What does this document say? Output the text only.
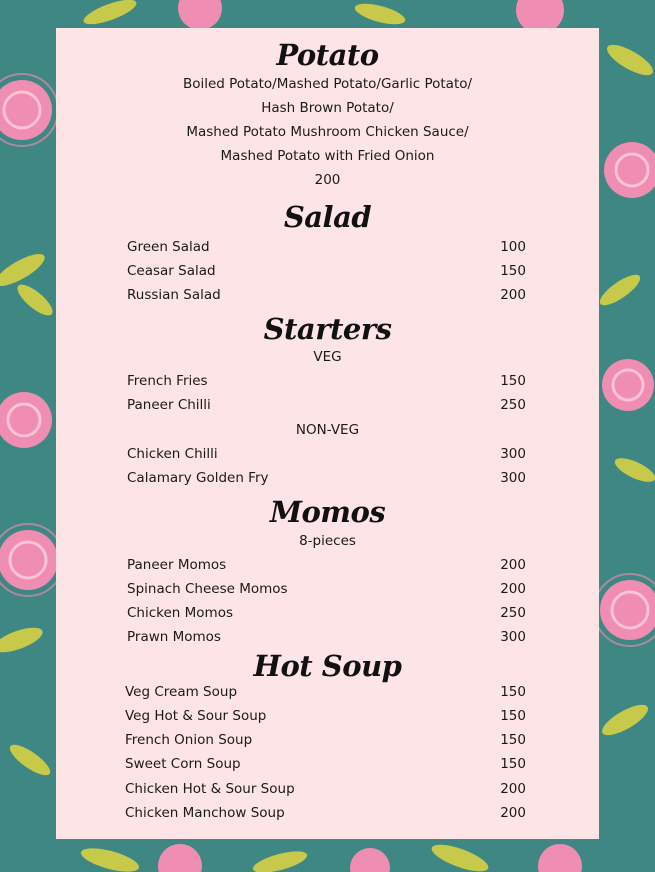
Potato
Boiled Potato/Mashed Potato/Garlic Potato/
Hash Brown Potato/
Mashed Potato Mushroom Chicken Sauce/
Mashed Potato with Fried Onion
200
Salad
Green Salad	100
Ceasar Salad	150
Russian Salad	200
Starters
VEG
French Fries	150
Paneer Chilli	250
NON-VEG
Chicken Chilli	300
Calamary Golden Fry	300
Momos
8-pieces
Paneer Momos	200
Spinach Cheese Momos	200
Chicken Momos	250
Prawn Momos	300
Hot Soup
Veg Cream Soup	150
Veg Hot & Sour Soup	150
French Onion Soup	150
Sweet Corn Soup	150
Chicken Hot & Sour Soup	200
Chicken Manchow Soup	200
